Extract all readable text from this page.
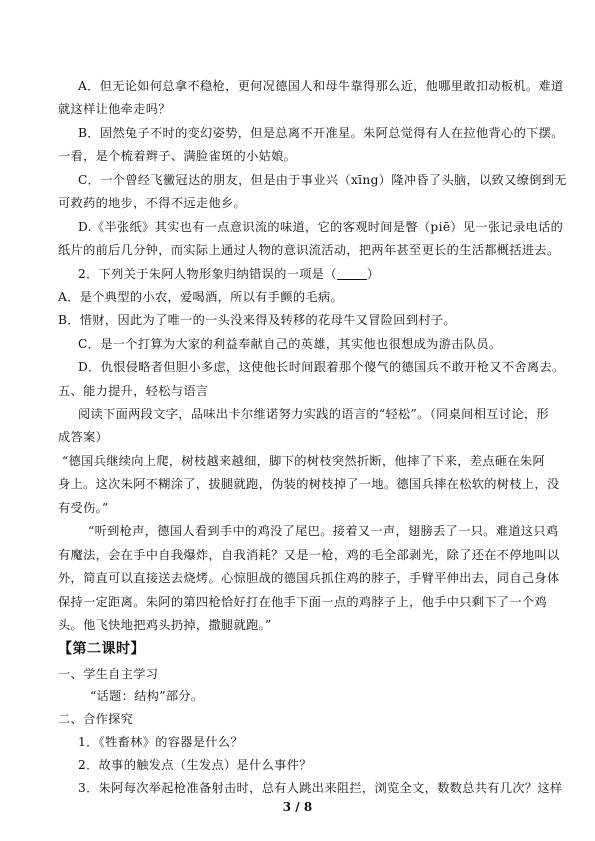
A．但无论如何总拿不稳枪，更何况德国人和母牛靠得那么近，他哪里敢扣动板机。难道
就这样让他牵走吗？
B．固然兔子不时的变幻姿势，但是总离不开准星。朱阿总觉得有人在拉他背心的下摆。
一看，是个梳着辫子、满脸雀斑的小姑娘。
C．一个曾经飞黴冠达的朋友，但是由于事业兴（xīng）隆冲昏了头脑，以致又缭倒到无
可救药的地步，不得不远走他乡。
D.《半张纸》其实也有一点意识流的味道，它的客观时间是瞥（piē）见一张记录电话的
纸片的前后几分钟，而实际上通过人物的意识流活动，把两年甚至更长的生活都概括进去。
2．下列关于朱阿人物形象归纳错误的一项是（ ）
A．是个典型的小农，爱喝酒，所以有手颤的毛病。
B．惜财，因此为了唯一的一头没来得及转移的花母牛又冒险回到村子。
C．是一个打算为大家的利益奉献自己的英雄，其实他也很想成为游击队员。
D．仇恨侵略者但胆小多虑，这使他长时间跟着那个傻气的德国兵不敢开枪又不舍离去。
五、能力提升，轻松与语言
阅读下面两段文字，品味出卡尔维诺努力实践的语言的“轻松”。（同桌间相互讨论，形
成答案）
“德国兵继续向上爬，树枝越来越细，脚下的树枝突然折断，他摔了下来，差点砸在朱阿
身上。这次朱阿不糊涂了，拔腿就跑，伪装的树枝掉了一地。德国兵摔在松软的树枝上，没
有受伤。”
“听到枪声，德国人看到手中的鸡没了尾巴。接着又一声，翅膀丢了一只。难道这只鸡
有魔法，会在手中自我爆炸，自我消耗？又是一枪，鸡的毛全部剥光，除了还在不停地叫以
外，简直可以直接送去烧烤。心惊胆战的德国兵抓住鸡的脖子，手臂平伸出去，同自己身体
保持一定距离。朱阿的第四枪恰好打在他手下面一点的鸡脖子上，他手中只剩下了一个鸡
头。他飞快地把鸡头扔掉，撒腿就跑。”
【第二课时】
一、学生自主学习
“话题：结构”部分。
二、合作探究
1．《牲畜林》的容器是什么？
2．故事的触发点（生发点）是什么事件？
3．朱阿每次举起枪准备射击时，总有人跳出来阻拦，浏览全文，数数总共有几次？这样
3 / 8
